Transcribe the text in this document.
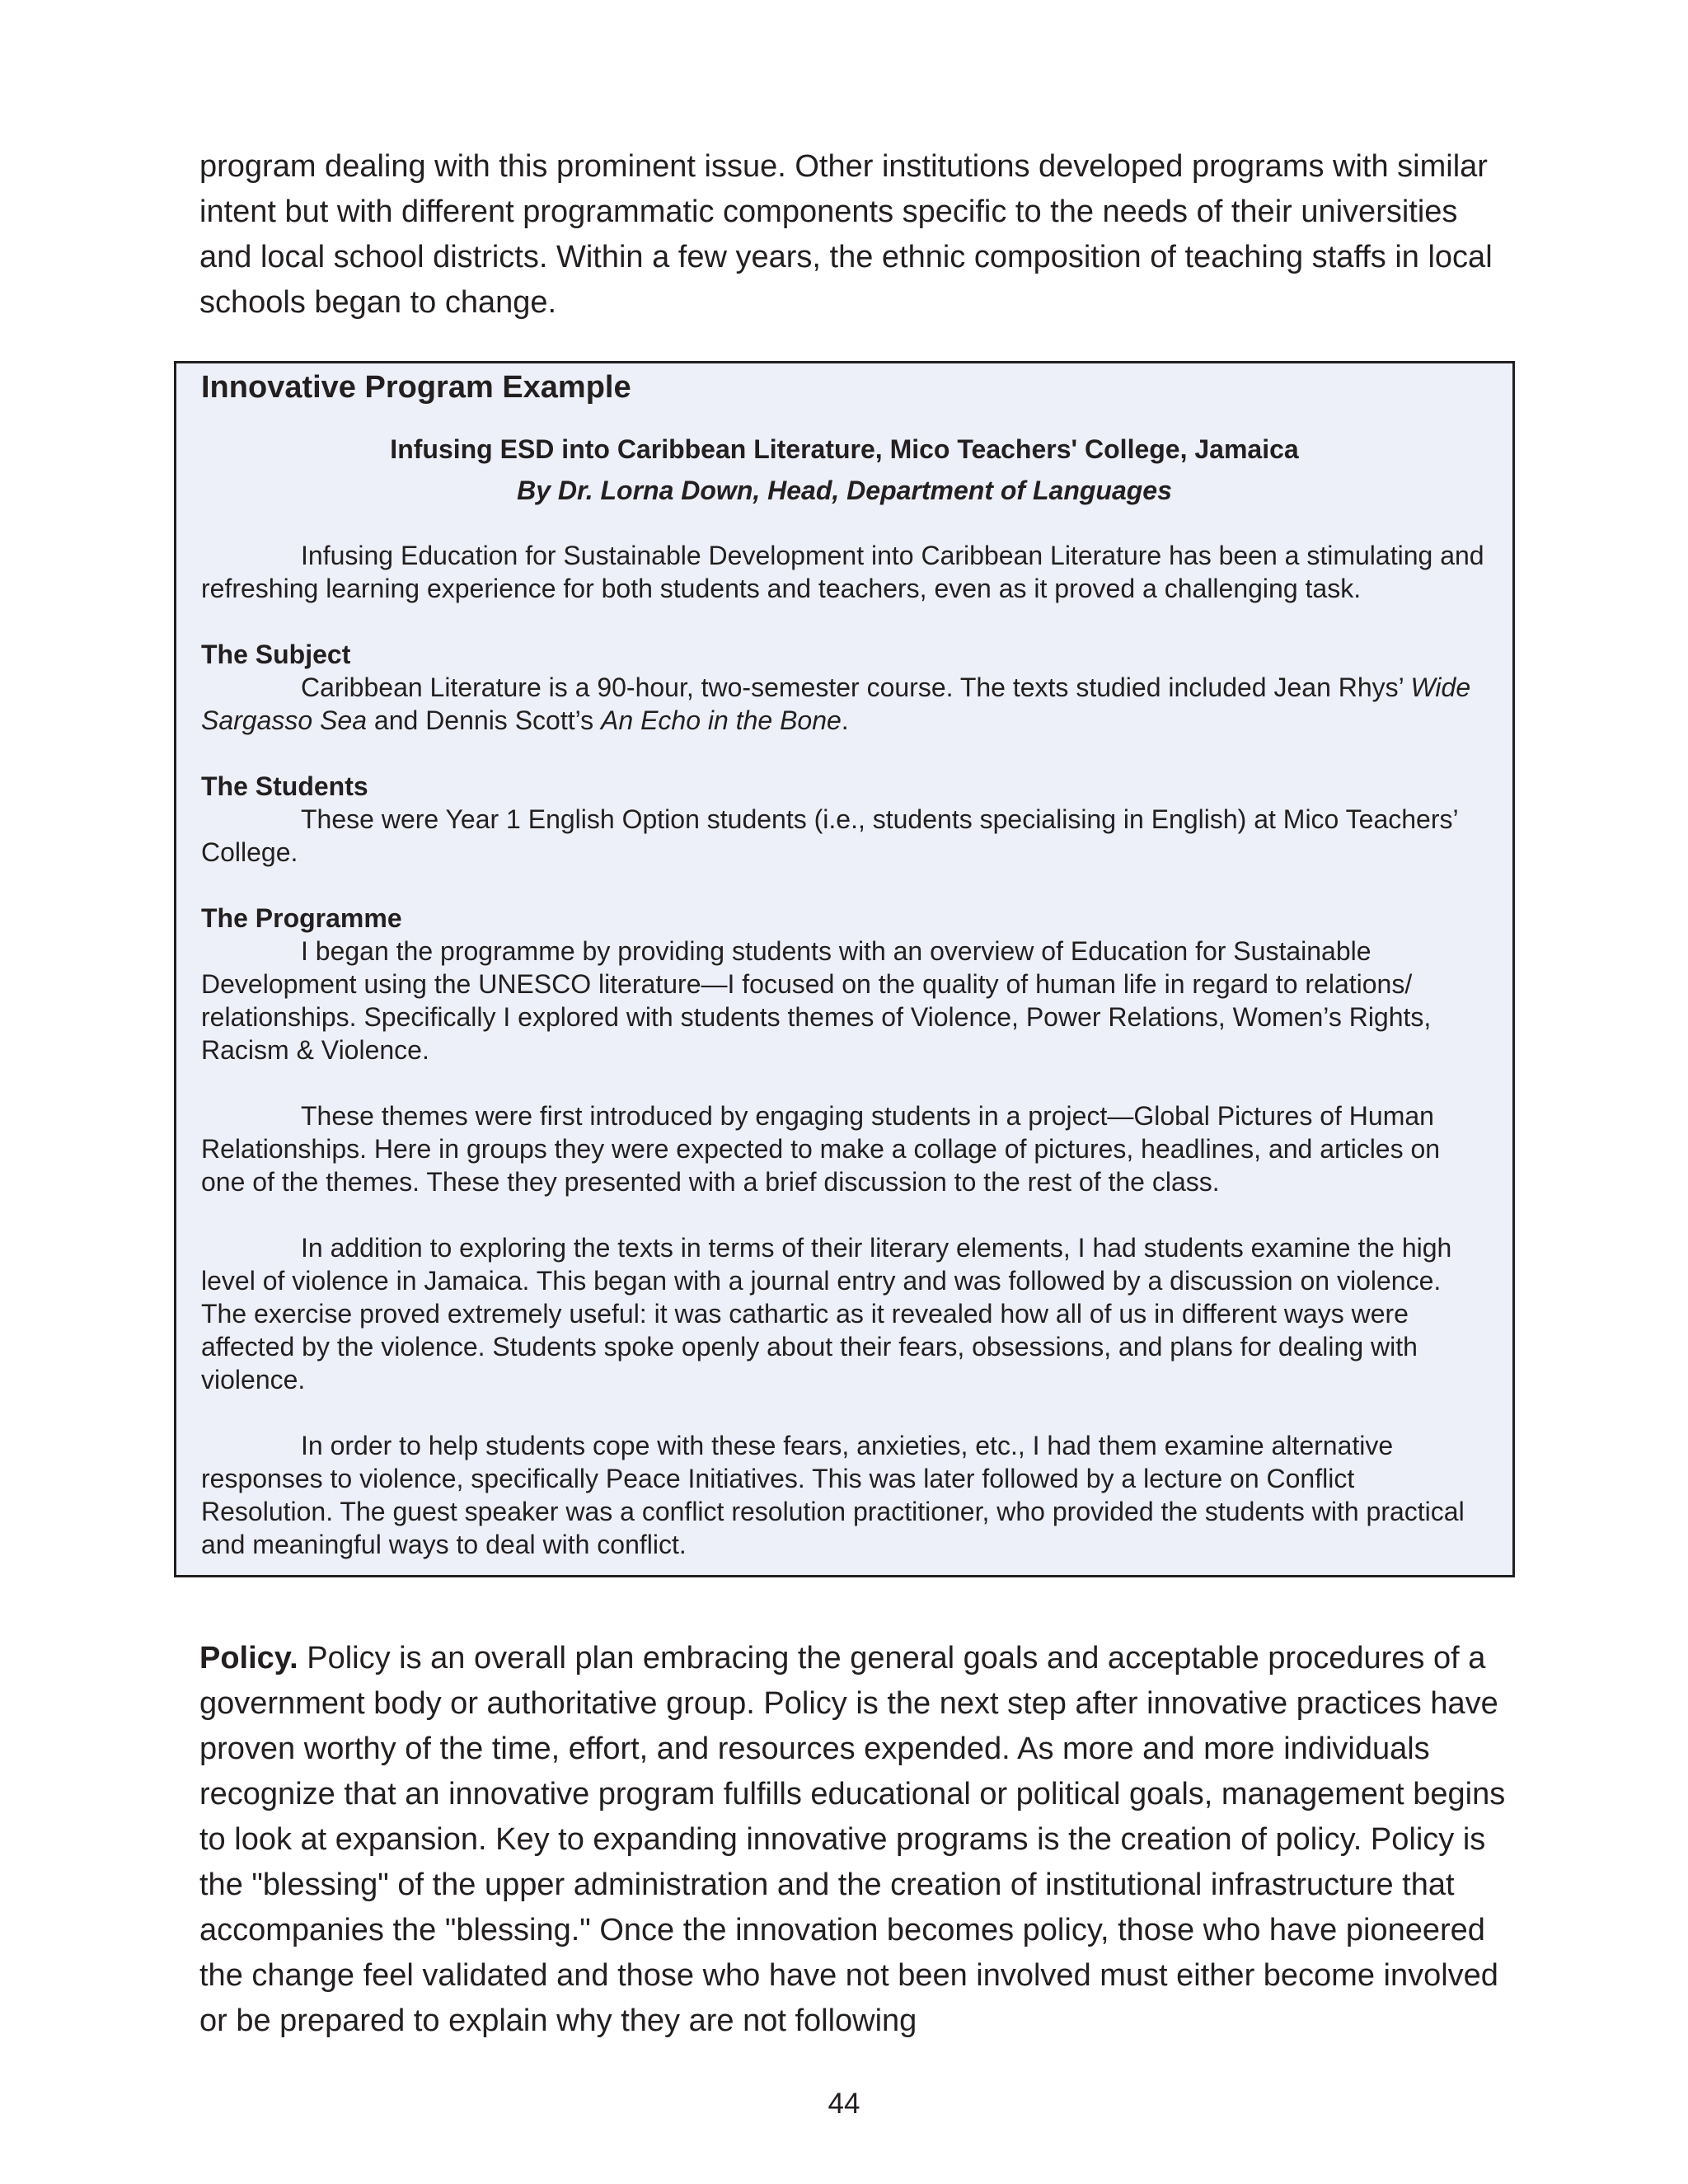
program dealing with this prominent issue. Other institutions developed programs with similar intent but with different programmatic components specific to the needs of their universities and local school districts. Within a few years, the ethnic composition of teaching staffs in local schools began to change.

Innovative Program Example
Infusing ESD into Caribbean Literature, Mico Teachers' College, Jamaica
By Dr. Lorna Down, Head, Department of Languages

Infusing Education for Sustainable Development into Caribbean Literature has been a stimulating and refreshing learning experience for both students and teachers, even as it proved a challenging task.

The Subject
Caribbean Literature is a 90-hour, two-semester course. The texts studied included Jean Rhys’ Wide Sargasso Sea and Dennis Scott’s An Echo in the Bone.

The Students
These were Year 1 English Option students (i.e., students specialising in English) at Mico Teachers’ College.

The Programme
I began the programme by providing students with an overview of Education for Sustainable Development using the UNESCO literature—I focused on the quality of human life in regard to relations/ relationships. Specifically I explored with students themes of Violence, Power Relations, Women’s Rights, Racism & Violence.

These themes were first introduced by engaging students in a project—Global Pictures of Human Relationships. Here in groups they were expected to make a collage of pictures, headlines, and articles on one of the themes. These they presented with a brief discussion to the rest of the class.

In addition to exploring the texts in terms of their literary elements, I had students examine the high level of violence in Jamaica. This began with a journal entry and was followed by a discussion on violence. The exercise proved extremely useful: it was cathartic as it revealed how all of us in different ways were affected by the violence. Students spoke openly about their fears, obsessions, and plans for dealing with violence.

In order to help students cope with these fears, anxieties, etc., I had them examine alternative responses to violence, specifically Peace Initiatives. This was later followed by a lecture on Conflict Resolution. The guest speaker was a conflict resolution practitioner, who provided the students with practical and meaningful ways to deal with conflict.

Policy. Policy is an overall plan embracing the general goals and acceptable procedures of a government body or authoritative group. Policy is the next step after innovative practices have proven worthy of the time, effort, and resources expended. As more and more individuals recognize that an innovative program fulfills educational or political goals, management begins to look at expansion. Key to expanding innovative programs is the creation of policy. Policy is the "blessing" of the upper administration and the creation of institutional infrastructure that accompanies the "blessing." Once the innovation becomes policy, those who have pioneered the change feel validated and those who have not been involved must either become involved or be prepared to explain why they are not following

44
